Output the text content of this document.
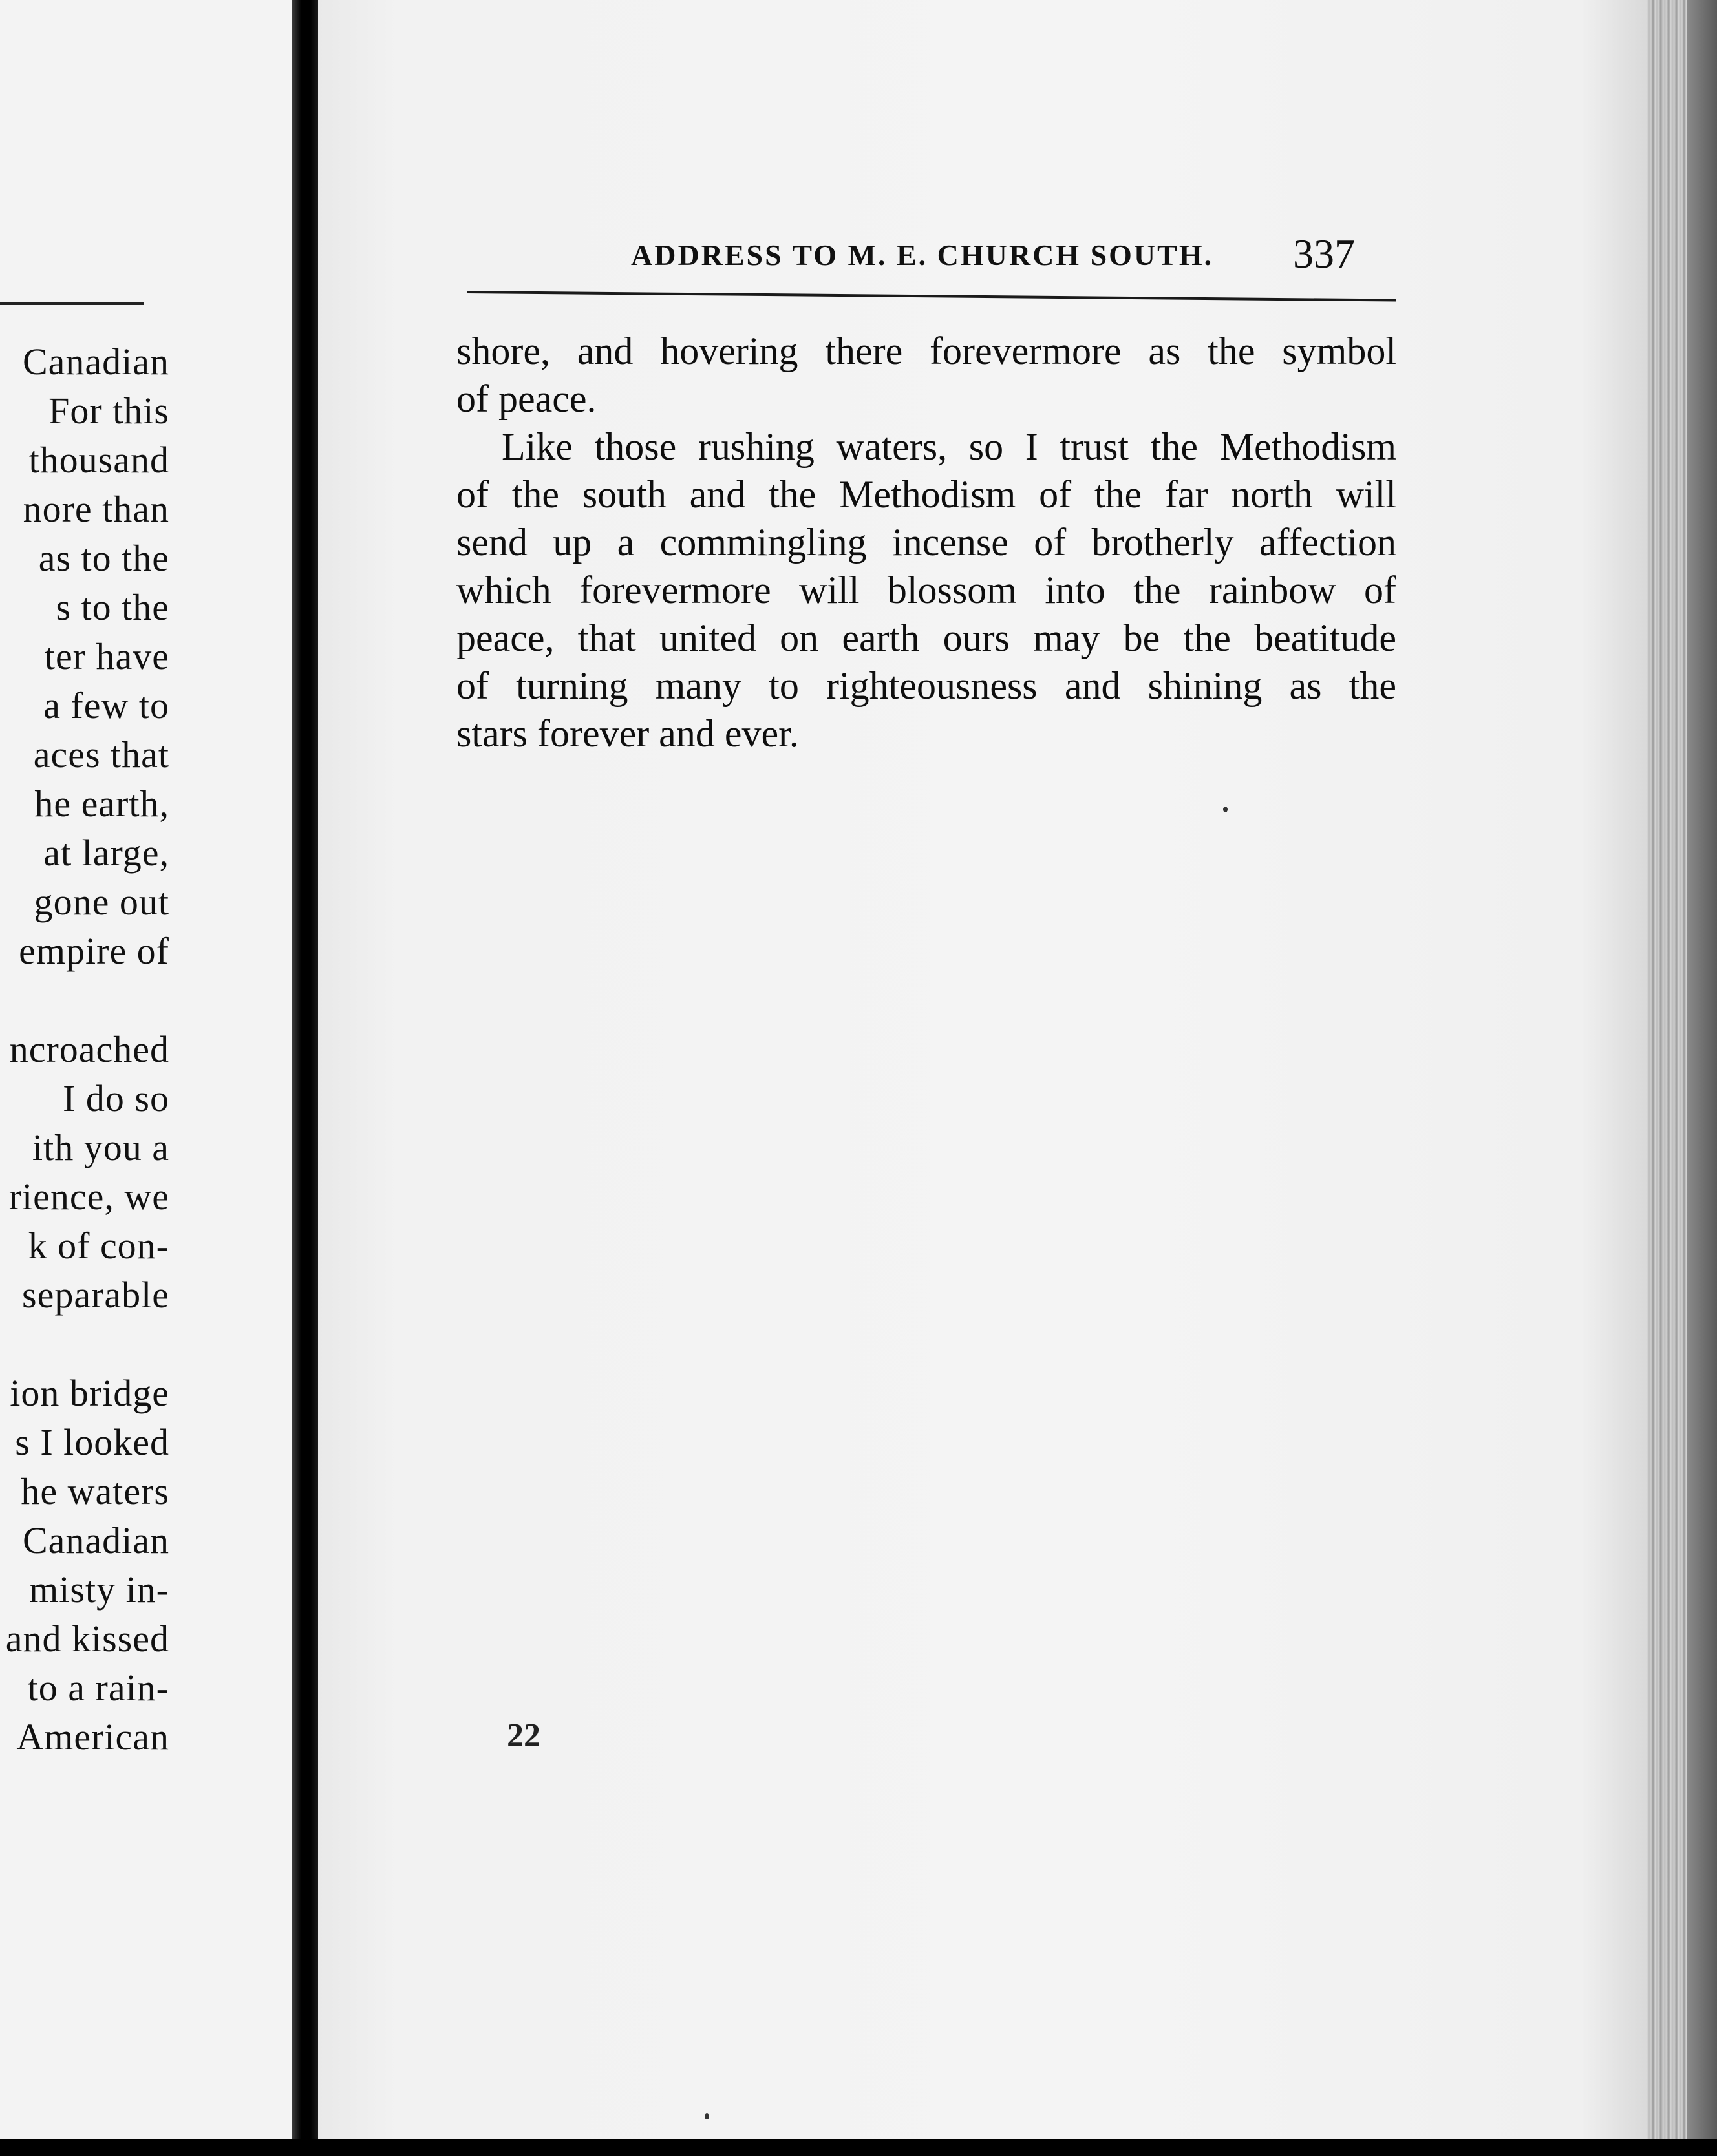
Canadian
For this
thousand
nore than
as to the
s to the
ter have
a few to
aces that
he earth,
at large,
gone out
empire of
ncroached
I do so
ith you a
rience, we
k of con-
separable
ion bridge
s I looked
he waters
Canadian
misty in-
and kissed
to a rain-
American
ADDRESS TO M. E. CHURCH SOUTH. 337
shore, and hovering there forevermore as the symbol
of peace.
Like those rushing waters, so I trust the Methodism
of the south and the Methodism of the far north will
send up a commingling incense of brotherly affection
which forevermore will blossom into the rainbow of
peace, that united on earth ours may be the beatitude
of turning many to righteousness and shining as the
stars forever and ever.
22
